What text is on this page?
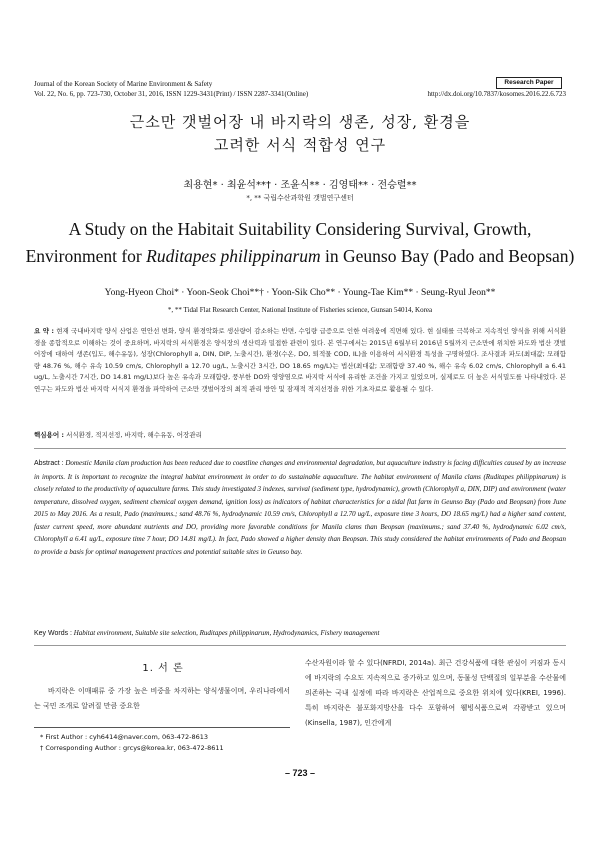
Journal of the Korean Society of Marine Environment & Safety	Research Paper
Vol. 22, No. 6, pp. 723-730, October 31, 2016, ISSN 1229-3431(Print) / ISSN 2287-3341(Online)	http://dx.doi.org/10.7837/kosomes.2016.22.6.723
근소만 갯벌어장 내 바지락의 생존, 성장, 환경을
고려한 서식 적합성 연구
최용현* · 최윤석**† · 조윤식** · 김영태** · 전승렬**
*, ** 국립수산과학원 갯벌연구센터
A Study on the Habitait Suitability Considering Survival, Growth,
Environment for Ruditapes philippinarum in Geunso Bay (Pado and Beopsan)
Yong-Hyeon Choi* · Yoon-Seok Choi**† · Yoon-Sik Cho** · Young-Tae Kim** · Seung-Ryul Jeon**
*, ** Tidal Flat Research Center, National Institute of Fisheries science, Gunsan 54014, Korea
요 약 : 현재 국내바지락 양식 산업은 연안선 변화, 양식 환경악화로 생산량이 감소하는 반면, 수입량 급증으로 인한 여려움에 직면해 있다. 현 실태를 극복하고 지속적인 양식을 위해 서식환경을 종합적으로 이해하는 것이 중요하며, 바지락의 서식환경은 양식장의 생산력과 밀접한 관련이 있다. 본 연구에서는 2015년 6월부터 2016년 5월까지 근소만에 위치한 파도와 법산 갯벌어장에 대하여 생존(입도, 해수유동), 성장(Chlorophyll a, DIN, DIP, 노출시간), 환경(수온, DO, 퇴적물 COD, IL)을 이용하여 서식환경 특성을 구명하였다. 조사결과 파도(최대값; 모래함량 48.76 %, 해수 유속 10.59 cm/s, Chlorophyll a 12.70 ug/L, 노출시간 3시간, DO 18.65 mg/L)는 법산(최대값; 모래함량 37.40 %, 해수 유속 6.02 cm/s, Chlorophyll a 6.41 ug/L, 노출시간 7시간, DO 14.81 mg/L)보다 높은 유속과 모래함량, 풍부한 DO와 영양염으로 바지락 서식에 유리한 조건을 가지고 있었으며, 실제로도 더 높은 서식밀도를 나타내었다. 본 연구는 파도와 법산 바지락 서식지 환경을 파악하여 근소만 갯벌어장의 최적 관리 방안 및 잠재적 적지선정을 위한 기초자료로 활용될 수 있다.
핵심용어 : 서식환경, 적지선정, 바지락, 해수유동, 어장관리
Abstract : Domestic Manila clam production has been reduced due to coastline changes and environmental degradation, but aquaculture industry is facing difficulties caused by an increase in imports. It is important to recognize the integral habitat environment in order to do sustainable aquaculture. The habitat environment of Manila clams (Ruditapes philippinarum) is closely related to the productivity of aquaculture farms. This study investigated 3 indexes, survival (sediment type, hydrodynamic), growth (Chlorophyll a, DIN, DIP) and environment (water temperature, dissolved oxygen, sediment chemical oxygen demand, ignition loss) as indicators of habitat characteristics for a tidal flat farm in Geunso Bay (Pado and Beopsan) from June 2015 to May 2016. As a result, Pado (maximums.; sand 48.76 %, hydrodynamic 10.59 cm/s, Chlorophyll a 12.70 ug/L, exposure time 3 hours, DO 18.65 mg/L) had a higher sand content, faster current speed, more abundant nutrients and DO, providing more favorable conditions for Manila clams than Beopsan (maximums.; sand 37.40 %, hydrodynamic 6.02 cm/s, Chlorophyll a 6.41 ug/L, exposure time 7 hour, DO 14.81 mg/L). In fact, Pado showed a higher density than Beopsan. This study considered the habitat environments of Pado and Beopsan to provide a basis for optimal management practices and potential suitable sites in Geunso bay.
Key Words : Habitat environment, Suitable site selection, Ruditapes philippinarum, Hydrodynamics, Fishery management
1. 서 론
바지락은 이매패류 중 가장 높은 비중을 차지하는 양식생물이며, 우리나라에서는 국민 조개로 알려질 만큼 중요한
수산자원이라 할 수 있다(NFRDI, 2014a). 최근 건강식품에 대한 관심이 커짐과 동시에 바지락의 수요도 지속적으로 증가하고 있으며, 동물성 단백질의 일부분을 수산물에 의존하는 국내 실정에 따라 바지락은 산업적으로 중요한 위치에 있다(KREI, 1996). 특히 바지락은 불포화지방산을 다수 포함하여 웰빙식품으로써 각광받고 있으며(Kinsella, 1987), 인간에게
* First Author : cyh6414@naver.com, 063-472-8613
† Corresponding Author : grcys@korea.kr, 063-472-8611
– 723 –
